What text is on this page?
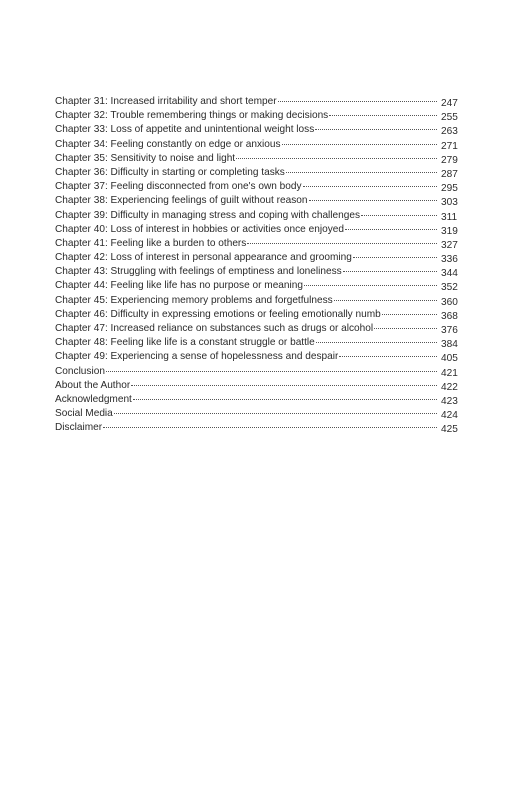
Chapter 31: Increased irritability and short temper	247
Chapter 32: Trouble remembering things or making decisions	255
Chapter 33: Loss of appetite and unintentional weight loss	263
Chapter 34: Feeling constantly on edge or anxious	271
Chapter 35: Sensitivity to noise and light	279
Chapter 36: Difficulty in starting or completing tasks	287
Chapter 37: Feeling disconnected from one's own body	295
Chapter 38: Experiencing feelings of guilt without reason	303
Chapter 39: Difficulty in managing stress and coping with challenges	311
Chapter 40: Loss of interest in hobbies or activities once enjoyed	319
Chapter 41: Feeling like a burden to others	327
Chapter 42: Loss of interest in personal appearance and grooming	336
Chapter 43: Struggling with feelings of emptiness and loneliness	344
Chapter 44: Feeling like life has no purpose or meaning	352
Chapter 45: Experiencing memory problems and forgetfulness	360
Chapter 46: Difficulty in expressing emotions or feeling emotionally numb	368
Chapter 47: Increased reliance on substances such as drugs or alcohol	376
Chapter 48: Feeling like life is a constant struggle or battle	384
Chapter 49: Experiencing a sense of hopelessness and despair	405
Conclusion	421
About the Author	422
Acknowledgment	423
Social Media	424
Disclaimer	425
